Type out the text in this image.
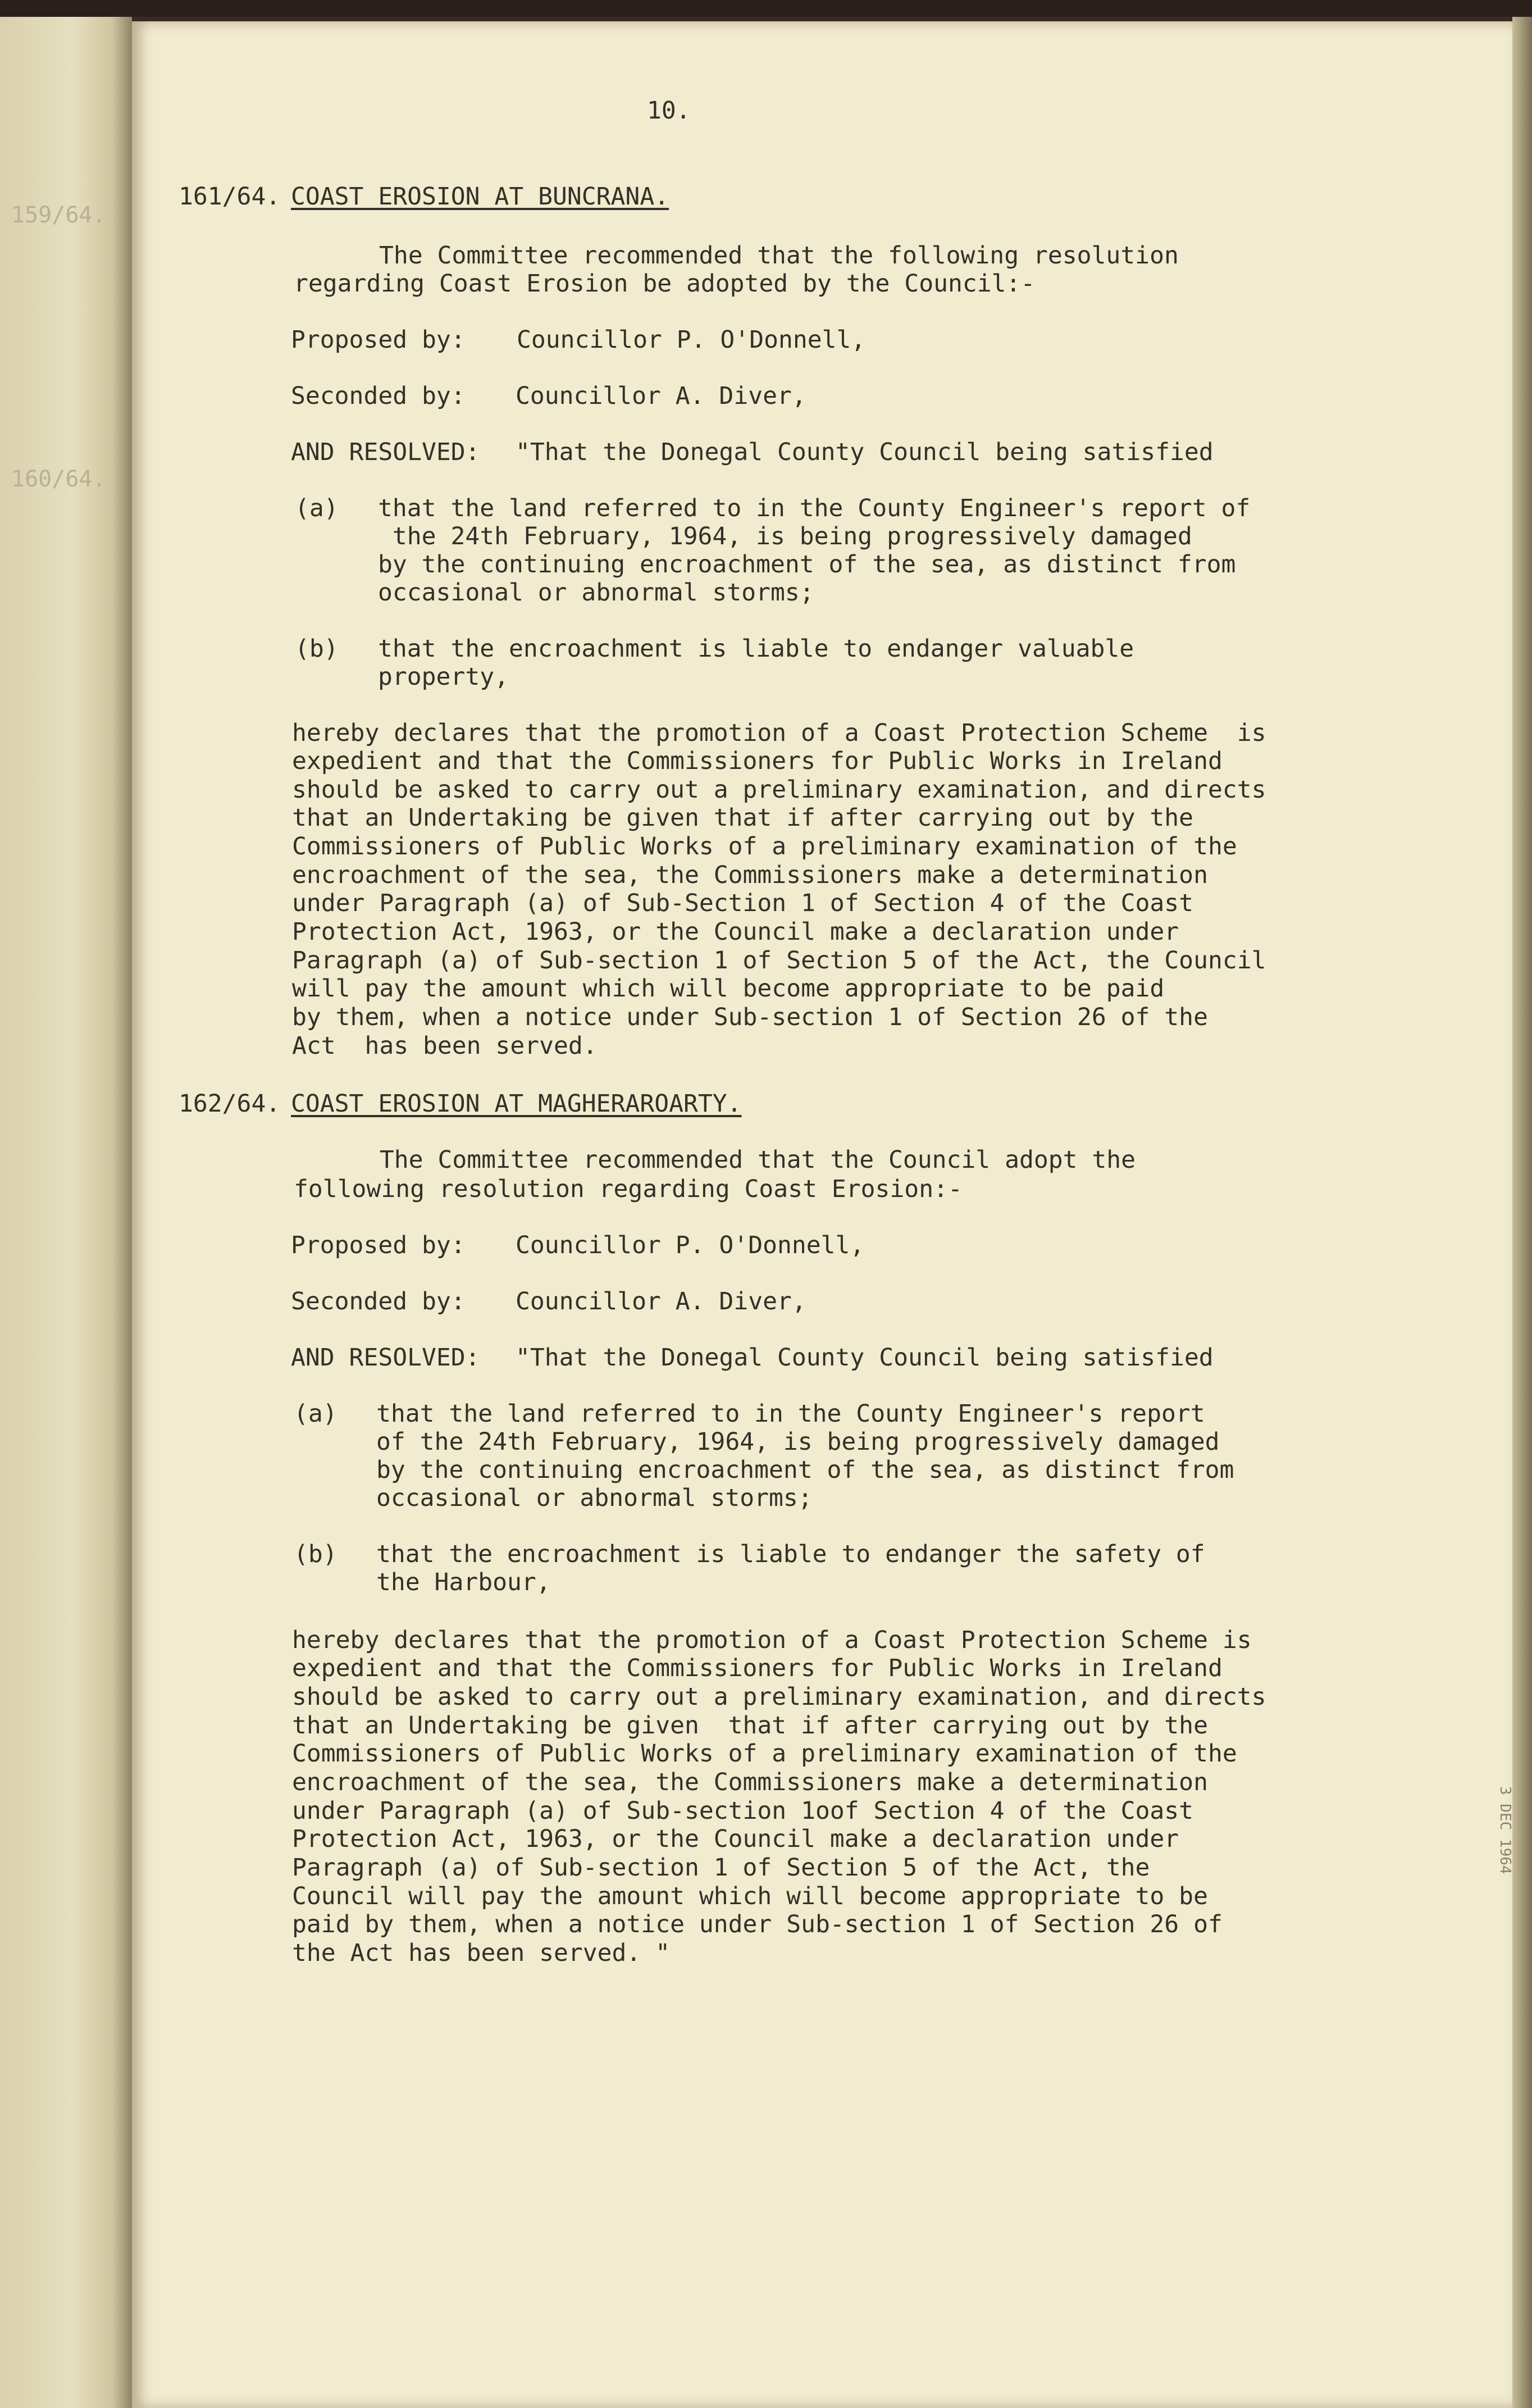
159/64.
160/64.
3 DEC 1964

10.

161/64. COAST EROSION AT BUNCRANA.

The Committee recommended that the following resolution

regarding Coast Erosion be adopted by the Council:-

Proposed by: Councillor P. O'Donnell,

Seconded by: Councillor A. Diver,

AND RESOLVED: "That the Donegal County Council being satisfied

(a) that the land referred to in the County Engineer's report of

the 24th February, 1964, is being progressively damaged

by the continuing encroachment of the sea, as distinct from

occasional or abnormal storms;

(b) that the encroachment is liable to endanger valuable

property,

hereby declares that the promotion of a Coast Protection Scheme  is

expedient and that the Commissioners for Public Works in Ireland

should be asked to carry out a preliminary examination, and directs

that an Undertaking be given that if after carrying out by the

Commissioners of Public Works of a preliminary examination of the

encroachment of the sea, the Commissioners make a determination

under Paragraph (a) of Sub-Section 1 of Section 4 of the Coast

Protection Act, 1963, or the Council make a declaration under

Paragraph (a) of Sub-section 1 of Section 5 of the Act, the Council

will pay the amount which will become appropriate to be paid

by them, when a notice under Sub-section 1 of Section 26 of the

Act  has been served.

162/64. COAST EROSION AT MAGHERAROARTY.

The Committee recommended that the Council adopt the

following resolution regarding Coast Erosion:-

Proposed by: Councillor P. O'Donnell,

Seconded by: Councillor A. Diver,

AND RESOLVED: "That the Donegal County Council being satisfied

(a) that the land referred to in the County Engineer's report

of the 24th February, 1964, is being progressively damaged

by the continuing encroachment of the sea, as distinct from

occasional or abnormal storms;

(b) that the encroachment is liable to endanger the safety of

the Harbour,

hereby declares that the promotion of a Coast Protection Scheme is

expedient and that the Commissioners for Public Works in Ireland

should be asked to carry out a preliminary examination, and directs

that an Undertaking be given  that if after carrying out by the

Commissioners of Public Works of a preliminary examination of the

encroachment of the sea, the Commissioners make a determination

under Paragraph (a) of Sub-section 1oof Section 4 of the Coast

Protection Act, 1963, or the Council make a declaration under

Paragraph (a) of Sub-section 1 of Section 5 of the Act, the

Council will pay the amount which will become appropriate to be

paid by them, when a notice under Sub-section 1 of Section 26 of

the Act has been served. "
